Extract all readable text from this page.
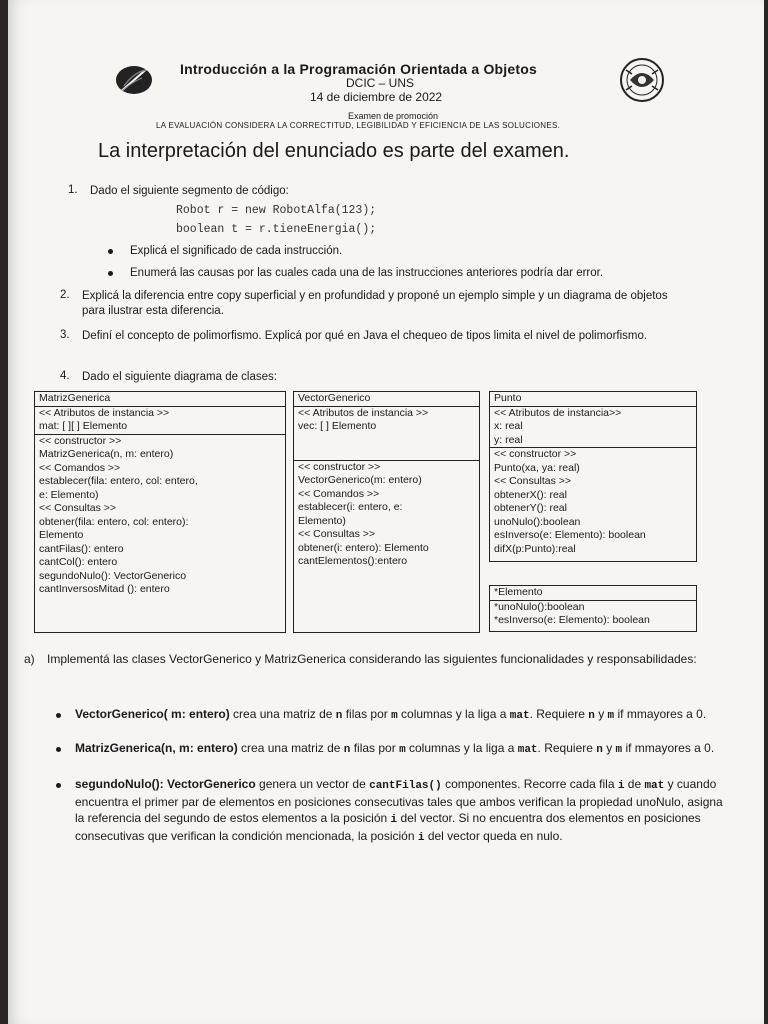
Introducción a la Programación Orientada a Objetos
DCIC – UNS
14 de diciembre de 2022
Examen de promoción
LA EVALUACIÓN CONSIDERA LA CORRECTITUD, LEGIBILIDAD Y EFICIENCIA DE LAS SOLUCIONES.
La interpretación del enunciado es parte del examen.
1. Dado el siguiente segmento de código:
Robot r = new RobotAlfa(123);
boolean t = r.tieneEnergia();
Explicá el significado de cada instrucción.
Enumerá las causas por las cuales cada una de las instrucciones anteriores podría dar error.
2. Explicá la diferencia entre copy superficial y en profundidad y proponé un ejemplo simple y un diagrama de objetos para ilustrar esta diferencia.
3. Definí el concepto de polimorfismo. Explicá por qué en Java el chequeo de tipos limita el nivel de polimorfismo.
4. Dado el siguiente diagrama de clases:
MatrizGenerica
<< Atributos de instancia >>
mat: [ ][ ] Elemento
<< constructor >>
MatrizGenerica(n, m: entero)
<< Comandos >>
establecer(fila: entero, col: entero,
e: Elemento)
<< Consultas >>
obtener(fila: entero, col: entero):
Elemento
cantFilas(): entero
cantCol(): entero
segundoNulo(): VectorGenerico
cantInversosMitad (): entero
VectorGenerico
<< Atributos de instancia >>
vec: [ ] Elemento
<< constructor >>
VectorGenerico(m: entero)
<< Comandos >>
establecer(i: entero, e:
Elemento)
<< Consultas >>
obtener(i: entero): Elemento
cantElementos():entero
Punto
<< Atributos de instancia>>
x: real
y: real
<< constructor >>
Punto(xa, ya: real)
<< Consultas >>
obtenerX(): real
obtenerY(): real
unoNulo():boolean
esInverso(e: Elemento): boolean
difX(p:Punto):real
*Elemento
*unoNulo():boolean
*esInverso(e: Elemento): boolean
a) Implementá las clases VectorGenerico y MatrizGenerica considerando las siguientes funcionalidades y responsabilidades:
VectorGenerico( m: entero) crea una matriz de n filas por m columnas y la liga a mat. Requiere n y m if mmayores a 0.
MatrizGenerica(n, m: entero) crea una matriz de n filas por m columnas y la liga a mat. Requiere n y m if mmayores a 0.
segundoNulo(): VectorGenerico genera un vector de cantFilas() componentes. Recorre cada fila i de mat y cuando encuentra el primer par de elementos en posiciones consecutivas tales que ambos verifican la propiedad unoNulo, asigna la referencia del segundo de estos elementos a la posición i del vector. Si no encuentra dos elementos en posiciones consecutivas que verifican la condición mencionada, la posición i del vector queda en nulo.
